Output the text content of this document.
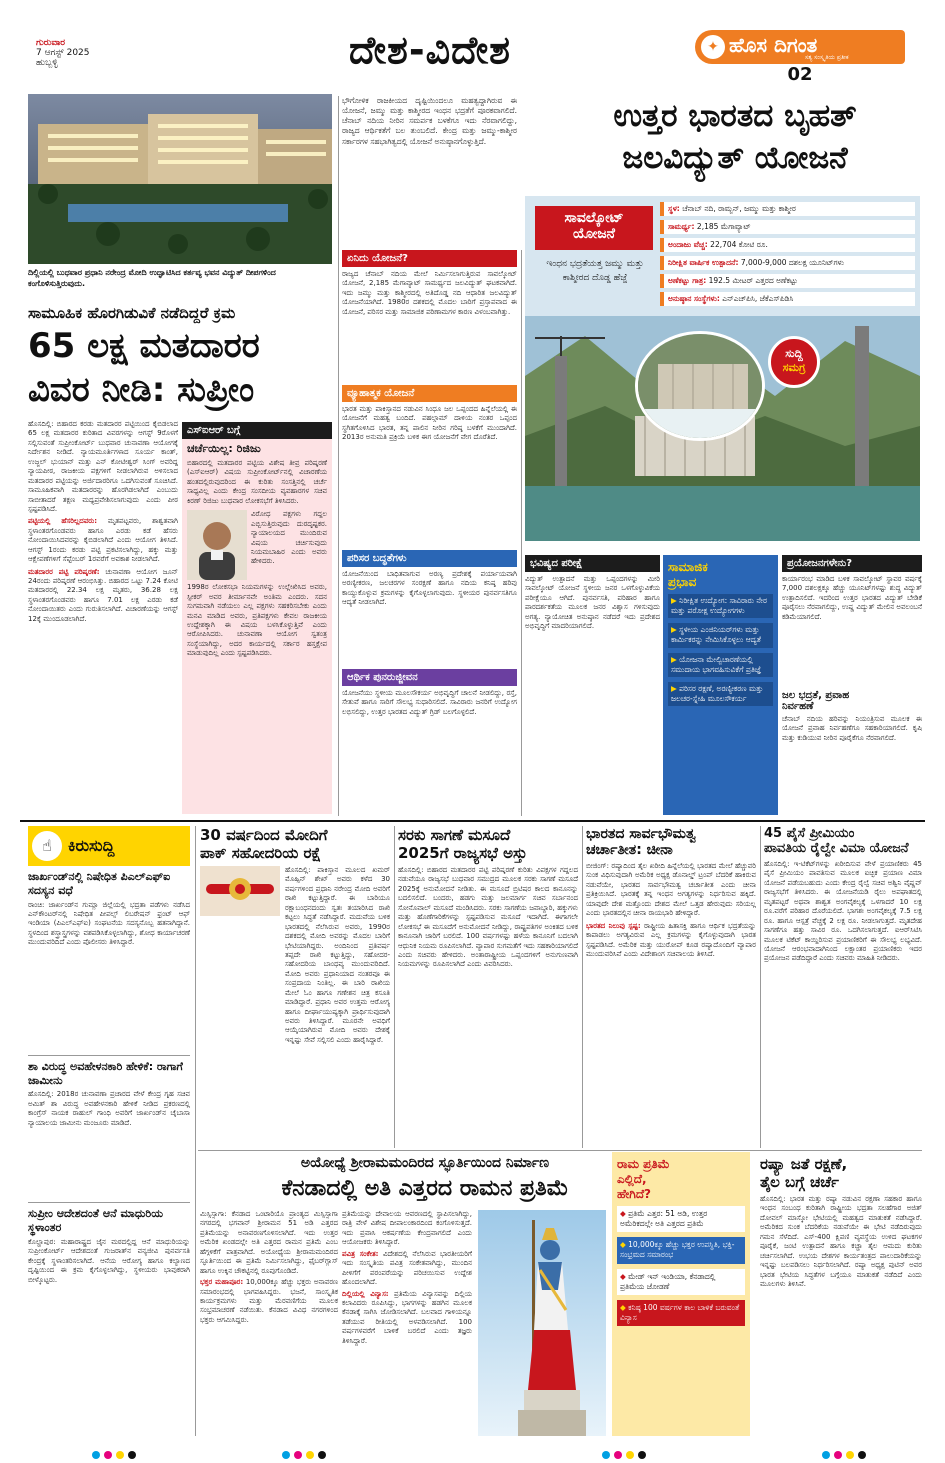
ಗುರುವಾರ
7 ಆಗಸ್ಟ್ 2025
ಹುಬ್ಬಳ್ಳಿ	ದೇಶ-ವಿದೇಶ	✦ ಹೊಸ ದಿಗಂತ
ಸತ್ಯ ಸಂಸ್ಕೃತಿಯ ಪ್ರತೀಕ
02
ದಿಲ್ಲಿಯಲ್ಲಿ ಬುಧವಾರ ಪ್ರಧಾನಿ ನರೇಂದ್ರ ಮೋದಿ ಉದ್ಘಾಟಿಸಿದ ಕರ್ತವ್ಯ ಭವನ ವಿದ್ಯುತ್ ದೀಪಗಳಿಂದ ಕಂಗೊಳಿಸುತ್ತಿರುವುದು.
ಸಾಮೂಹಿಕ ಹೊರಗಿಡುವಿಕೆ ನಡೆದಿದ್ದರೆ ಕ್ರಮ
65 ಲಕ್ಷ ಮತದಾರರ
ವಿವರ ನೀಡಿ: ಸುಪ್ರೀಂ

ಹೊಸದಿಲ್ಲಿ: ಬಿಹಾರದ ಕರಡು ಮತದಾರರ ಪಟ್ಟಿಯಿಂದ ಕೈಬಿಡಲಾದ 65 ಲಕ್ಷ ಮತದಾರರ ಕುರಿತಾದ ವಿವರಗಳನ್ನು ಆಗಸ್ಟ್ 9ರೊಳಗೆ ಸಲ್ಲಿಸುವಂತೆ ಸುಪ್ರೀಂಕೋರ್ಟ್ ಬುಧವಾರ ಚುನಾವಣಾ ಆಯೋಗಕ್ಕೆ ನಿರ್ದೇಶನ ನೀಡಿದೆ. ನ್ಯಾಯಮೂರ್ತಿಗಳಾದ ಸೂರ್ಯ ಕಾಂತ್, ಉಜ್ಜಲ್ ಭುಯಾನ್ ಮತ್ತು ಎನ್ ಕೋಟೀಶ್ವರ್ ಸಿಂಗ್ ಅವರಿದ್ದ ನ್ಯಾಯಪೀಠ, ರಾಜಕೀಯ ಪಕ್ಷಗಳಿಗೆ ನೀಡಲಾಗಿರುವ ಅಳಿಸಲಾದ ಮತದಾರರ ಪಟ್ಟಿಯನ್ನು ಅರ್ಜಿದಾರರಿಗೂ ಒದಗಿಸುವಂತೆ ಸೂಚಿಸಿದೆ. ಸಾಮೂಹಿಕವಾಗಿ ಮತದಾರರನ್ನು ಹೊರಗಿಡಲಾಗಿದೆ ಎಂಬುದು ಸಾಬೀತಾದರೆ ತಕ್ಷಣ ಮಧ್ಯಪ್ರವೇಶಿಸಲಾಗುವುದು ಎಂದು ಪೀಠ ಸ್ಪಷ್ಟಪಡಿಸಿದೆ.

ಪಟ್ಟಿಯಲ್ಲಿ ಹೆಸರಿಲ್ಲದವರು: ಮೃತಪಟ್ಟವರು, ಶಾಶ್ವತವಾಗಿ ಸ್ಥಳಾಂತರಗೊಂಡವರು ಹಾಗೂ ಎರಡು ಕಡೆ ಹೆಸರು ನೋಂದಾಯಿಸಿದವರನ್ನು ಕೈಬಿಡಲಾಗಿದೆ ಎಂದು ಆಯೋಗ ತಿಳಿಸಿದೆ. ಆಗಸ್ಟ್ 1ರಂದು ಕರಡು ಪಟ್ಟಿ ಪ್ರಕಟಿಸಲಾಗಿದ್ದು, ಹಕ್ಕು ಮತ್ತು ಆಕ್ಷೇಪಣೆಗಳಿಗೆ ಸೆಪ್ಟೆಂಬರ್ 1ರವರೆಗೆ ಅವಕಾಶ ನೀಡಲಾಗಿದೆ.

ಮತದಾರರ ಪಟ್ಟಿ ಪರಿಷ್ಕರಣೆ: ಚುನಾವಣಾ ಆಯೋಗ ಜೂನ್ 24ರಂದು ಪರಿಷ್ಕರಣೆ ಆರಂಭಿಸಿತ್ತು. ಬಿಹಾರದ ಒಟ್ಟು 7.24 ಕೋಟಿ ಮತದಾರರಲ್ಲಿ 22.34 ಲಕ್ಷ ಮೃತರು, 36.28 ಲಕ್ಷ ಸ್ಥಳಾಂತರಗೊಂಡವರು ಹಾಗೂ 7.01 ಲಕ್ಷ ಎರಡು ಕಡೆ ನೋಂದಾಯಿತರು ಎಂದು ಗುರುತಿಸಲಾಗಿದೆ. ವಿಚಾರಣೆಯನ್ನು ಆಗಸ್ಟ್ 12ಕ್ಕೆ ಮುಂದೂಡಲಾಗಿದೆ.

ಎಸ್‌ಐಆರ್ ಬಗ್ಗೆ
ಚರ್ಚೆಯಿಲ್ಲ: ರಿಜಿಜು
ಬಿಹಾರದಲ್ಲಿ ಮತದಾರರ ಪಟ್ಟಿಯ ವಿಶೇಷ ತೀವ್ರ ಪರಿಷ್ಕರಣೆ (ಎಸ್‌ಐಆರ್) ವಿಷಯ ಸುಪ್ರೀಂಕೋರ್ಟ್‌ನಲ್ಲಿ ವಿಚಾರಣೆಯ ಹಂತದಲ್ಲಿರುವುದರಿಂದ ಈ ಕುರಿತು ಸಂಸತ್ತಿನಲ್ಲಿ ಚರ್ಚೆ ಸಾಧ್ಯವಿಲ್ಲ ಎಂದು ಕೇಂದ್ರ ಸಂಸದೀಯ ವ್ಯವಹಾರಗಳ ಸಚಿವ ಕಿರಣ್ ರಿಜಿಜು ಬುಧವಾರ ಲೋಕಸಭೆಗೆ ತಿಳಿಸಿದರು.
ವಿರೋಧ ಪಕ್ಷಗಳು ಗದ್ದಲ ಎಬ್ಬಿಸುತ್ತಿರುವುದು ದುರದೃಷ್ಟಕರ. ನ್ಯಾಯಾಲಯದ ಮುಂದಿರುವ ವಿಷಯ ಚರ್ಚಿಸುವುದು ನಿಯಮಬಾಹಿರ ಎಂದು ಅವರು ಹೇಳಿದರು.
1998ರ ಲೋಕಸಭಾ ನಿಯಮಗಳನ್ನು ಉಲ್ಲೇಖಿಸಿದ ಅವರು, ಸ್ಪೀಕರ್ ಅವರ ತೀರ್ಮಾನವೇ ಅಂತಿಮ ಎಂದರು. ಸದನ ಸುಗಮವಾಗಿ ನಡೆಯಲು ಎಲ್ಲ ಪಕ್ಷಗಳು ಸಹಕರಿಸಬೇಕು ಎಂದು ಮನವಿ ಮಾಡಿದ ಅವರು, ಪ್ರತಿಪಕ್ಷಗಳು ಕೇವಲ ರಾಜಕೀಯ ಉದ್ದೇಶಕ್ಕಾಗಿ ಈ ವಿಷಯ ಬಳಸಿಕೊಳ್ಳುತ್ತಿವೆ ಎಂದು ಆರೋಪಿಸಿದರು. ಚುನಾವಣಾ ಆಯೋಗ ಸ್ವತಂತ್ರ ಸಂಸ್ಥೆಯಾಗಿದ್ದು, ಅದರ ಕಾರ್ಯದಲ್ಲಿ ಸರ್ಕಾರ ಹಸ್ತಕ್ಷೇಪ ಮಾಡುವುದಿಲ್ಲ ಎಂದು ಸ್ಪಷ್ಟಪಡಿಸಿದರು.
ಭೌಗೋಳಿಕ ರಾಜಕೀಯದ ದೃಷ್ಟಿಯಿಂದಲೂ ಮಹತ್ವದ್ದಾಗಿರುವ ಈ ಯೋಜನೆ, ಜಮ್ಮು ಮತ್ತು ಕಾಶ್ಮೀರದ ಇಂಧನ ಭದ್ರತೆಗೆ ಪೂರಕವಾಗಲಿದೆ. ಚೆನಾಬ್ ನದಿಯ ನೀರಿನ ಸಮರ್ಪಕ ಬಳಕೆಗೂ ಇದು ನೆರವಾಗಲಿದ್ದು, ರಾಜ್ಯದ ಆರ್ಥಿಕತೆಗೆ ಬಲ ತುಂಬಲಿದೆ. ಕೇಂದ್ರ ಮತ್ತು ಜಮ್ಮು-ಕಾಶ್ಮೀರ ಸರ್ಕಾರಗಳ ಸಹಭಾಗಿತ್ವದಲ್ಲಿ ಯೋಜನೆ ಅನುಷ್ಠಾನಗೊಳ್ಳುತ್ತಿದೆ.
ಉತ್ತರ ಭಾರತದ ಬೃಹತ್
ಜಲವಿದ್ಯುತ್ ಯೋಜನೆ
ಸಾವಲ್ಕೋಟ್
ಯೋಜನೆ
ಇಂಧನ ಭದ್ರತೆಯತ್ತ ಜಮ್ಮು ಮತ್ತು ಕಾಶ್ಮೀರದ ದೊಡ್ಡ ಹೆಜ್ಜೆ
ಸ್ಥಳ: ಚೆನಾಬ್ ನದಿ, ರಾಮ್ಬನ್, ಜಮ್ಮು ಮತ್ತು ಕಾಶ್ಮೀರ
ಸಾಮರ್ಥ್ಯ: 2,185 ಮೆಗಾವ್ಯಾಟ್
ಅಂದಾಜು ವೆಚ್ಚ: 22,704 ಕೋಟಿ ರೂ.
ನಿರೀಕ್ಷಿತ ವಾರ್ಷಿಕ ಉತ್ಪಾದನೆ: 7,000-9,000 ದಶಲಕ್ಷ ಯೂನಿಟ್‌ಗಳು
ಅಣೆಕಟ್ಟು ಗಾತ್ರ: 192.5 ಮೀಟರ್ ಎತ್ತರದ ಅಣೆಕಟ್ಟು
ಅನುಷ್ಠಾನ ಸಂಸ್ಥೆಗಳು: ಎನ್‌ಎಚ್‌ಪಿಸಿ, ಜೆಕೆಎಸ್‌ಪಿಡಿಸಿ
ಸುದ್ದಿ
ಸಮಗ್ರ
ಏನಿದು ಯೋಜನೆ?
ರಾಜ್ಯದ ಚೆನಾಬ್ ನದಿಯ ಮೇಲೆ ನಿರ್ಮಿಸಲಾಗುತ್ತಿರುವ ಸಾವಲ್ಕೋಟ್ ಯೋಜನೆ, 2,185 ಮೆಗಾವ್ಯಾಟ್ ಸಾಮರ್ಥ್ಯದ ಜಲವಿದ್ಯುತ್ ಘಟಕವಾಗಿದೆ. ಇದು ಜಮ್ಮು ಮತ್ತು ಕಾಶ್ಮೀರದಲ್ಲಿ ಅತಿದೊಡ್ಡ ನದಿ ಆಧಾರಿತ ಜಲವಿದ್ಯುತ್ ಯೋಜನೆಯಾಗಿದೆ. 1980ರ ದಶಕದಲ್ಲಿ ಮೊದಲ ಬಾರಿಗೆ ಪ್ರಸ್ತಾಪವಾದ ಈ ಯೋಜನೆ, ಪರಿಸರ ಮತ್ತು ಸಾಮಾಜಿಕ ಪರಿಣಾಮಗಳ ಕಾರಣ ವಿಳಂಬವಾಗಿತ್ತು.
ವ್ಯೂಹಾತ್ಮಕ ಯೋಜನೆ
ಭಾರತ ಮತ್ತು ಪಾಕಿಸ್ತಾನದ ನಡುವಿನ ಸಿಂಧೂ ಜಲ ಒಪ್ಪಂದದ ಹಿನ್ನೆಲೆಯಲ್ಲಿ ಈ ಯೋಜನೆಗೆ ಮಹತ್ವ ಬಂದಿದೆ. ಪಹಲ್ಗಾಮ್ ದಾಳಿಯ ನಂತರ ಒಪ್ಪಂದ ಸ್ಥಗಿತಗೊಳಿಸಿದ ಭಾರತ, ತನ್ನ ಪಾಲಿನ ನೀರಿನ ಗರಿಷ್ಠ ಬಳಕೆಗೆ ಮುಂದಾಗಿದೆ. 2013ರ ಅನುಮತಿ ಪ್ರಕ್ರಿಯೆ ಬಳಿಕ ಈಗ ಯೋಜನೆಗೆ ವೇಗ ದೊರೆತಿದೆ.
ಪರಿಸರ ಬದ್ಧತೆಗಳು
ಯೋಜನೆಯಿಂದ ಬಾಧಿತವಾಗುವ ಅರಣ್ಯ ಪ್ರದೇಶಕ್ಕೆ ಪರ್ಯಾಯವಾಗಿ ಅರಣ್ಯೀಕರಣ, ಜಲಚರಗಳ ಸಂರಕ್ಷಣೆ ಹಾಗೂ ನದಿಯ ಕನಿಷ್ಠ ಹರಿವು ಕಾಯ್ದುಕೊಳ್ಳುವ ಕ್ರಮಗಳನ್ನು ಕೈಗೊಳ್ಳಲಾಗುವುದು. ಸ್ಥಳೀಯರ ಪುನರ್ವಸತಿಗೂ ಆದ್ಯತೆ ನೀಡಲಾಗಿದೆ.
ಆರ್ಥಿಕ ಪುನರುಜ್ಜೀವನ
ಯೋಜನೆಯು ಸ್ಥಳೀಯ ಮೂಲಸೌಕರ್ಯ ಅಭಿವೃದ್ಧಿಗೆ ಚಾಲನೆ ನೀಡಲಿದ್ದು, ರಸ್ತೆ, ಸೇತುವೆ ಹಾಗೂ ಸಾರಿಗೆ ಸೌಲಭ್ಯ ಸುಧಾರಿಸಲಿದೆ. ಸಾವಿರಾರು ಜನರಿಗೆ ಉದ್ಯೋಗ ಲಭಿಸಲಿದ್ದು, ಉತ್ತರ ಭಾರತದ ವಿದ್ಯುತ್ ಗ್ರಿಡ್ ಬಲಗೊಳ್ಳಲಿದೆ.
ಭವಿಷ್ಯದ ಪರೀಕ್ಷೆ
ವಿದ್ಯುತ್ ಉತ್ಪಾದನೆ ಮತ್ತು ಒಪ್ಪಂದಗಳನ್ನು ಮೀರಿ ಸಾವಲ್ಕೋಟ್ ಯೋಜನೆ ಸ್ಥಳೀಯ ಜನರ ಒಳಗೊಳ್ಳುವಿಕೆಯ ಪರೀಕ್ಷೆಯೂ ಆಗಿದೆ. ಪುನರ್ವಸತಿ, ಪರಿಹಾರ ಹಾಗೂ ಪಾರದರ್ಶಕತೆಯ ಮೂಲಕ ಜನರ ವಿಶ್ವಾಸ ಗಳಿಸುವುದು ಅಗತ್ಯ. ನ್ಯಾಯೋಚಿತ ಅನುಷ್ಠಾನ ನಡೆದರೆ ಇದು ಪ್ರದೇಶದ ಅಭಿವೃದ್ಧಿಗೆ ಮಾದರಿಯಾಗಲಿದೆ.
ಸಾಮಾಜಿಕ
ಪ್ರಭಾವ
▶ ನಿರೀಕ್ಷಿತ ಉದ್ಯೋಗ: ಸಾವಿರಾರು ನೇರ ಮತ್ತು ಪರೋಕ್ಷ ಉದ್ಯೋಗಗಳು
▶ ಸ್ಥಳೀಯ ಎಂಜಿನಿಯರ್‌ಗಳು ಮತ್ತು ಕಾರ್ಮಿಕರನ್ನು ನೇಮಿಸಿಕೊಳ್ಳಲು ಆದ್ಯತೆ
▶ ಯೋಜನಾ ಮೇಲ್ವಿಚಾರಣೆಯಲ್ಲಿ ಸಮುದಾಯ ಭಾಗವಹಿಸುವಿಕೆಗೆ ಪ್ರತಿಜ್ಞೆ
▶ ಪರಿಸರ ರಕ್ಷಣೆ, ಅರಣ್ಯೀಕರಣ ಮತ್ತು ಜಲಚರ-ಸ್ನೇಹಿ ಮೂಲಸೌಕರ್ಯ
ಪ್ರಯೋಜನಗಳೇನು?
ಕಾರ್ಯಾರಂಭ ಮಾಡಿದ ಬಳಿಕ ಸಾವಲ್ಕೋಟ್ ಸ್ಥಾವರ ವರ್ಷಕ್ಕೆ 7,000 ದಶಲಕ್ಷಕ್ಕೂ ಹೆಚ್ಚು ಯೂನಿಟ್‌ಗಳಷ್ಟು ಶುದ್ಧ ವಿದ್ಯುತ್ ಉತ್ಪಾದಿಸಲಿದೆ. ಇದರಿಂದ ಉತ್ತರ ಭಾರತದ ವಿದ್ಯುತ್ ಬೇಡಿಕೆ ಪೂರೈಸಲು ನೆರವಾಗಲಿದ್ದು, ಉಷ್ಣ ವಿದ್ಯುತ್ ಮೇಲಿನ ಅವಲಂಬನೆ ಕಡಿಮೆಯಾಗಲಿದೆ.
ಜಲ ಭದ್ರತೆ, ಪ್ರವಾಹ
ನಿರ್ವಹಣೆ
ಚೆನಾಬ್ ನದಿಯ ಹರಿವನ್ನು ನಿಯಂತ್ರಿಸುವ ಮೂಲಕ ಈ ಯೋಜನೆ ಪ್ರವಾಹ ನಿರ್ವಹಣೆಗೂ ಸಹಕಾರಿಯಾಗಲಿದೆ. ಕೃಷಿ ಮತ್ತು ಕುಡಿಯುವ ನೀರಿನ ಪೂರೈಕೆಗೂ ನೆರವಾಗಲಿದೆ.
☝	ಕಿರುಸುದ್ದಿ
ಜಾರ್ಖಂಡ್‌ನಲ್ಲಿ ನಿಷೇಧಿತ ಪಿಎಲ್‌ಎಫ್‌ಐ ಸದಸ್ಯನ ವಧೆ
ರಾಂಚಿ: ಜಾರ್ಖಂಡ್‌ನ ಗುಮ್ಲಾ ಜಿಲ್ಲೆಯಲ್ಲಿ ಭದ್ರತಾ ಪಡೆಗಳು ನಡೆಸಿದ ಎನ್‌ಕೌಂಟರ್‌ನಲ್ಲಿ ನಿಷೇಧಿತ ಪೀಪಲ್ಸ್ ಲಿಬರೇಷನ್ ಫ್ರಂಟ್ ಆಫ್ ಇಂಡಿಯಾ (ಪಿಎಲ್‌ಎಫ್‌ಐ) ಸಂಘಟನೆಯ ಸದಸ್ಯನೊಬ್ಬ ಹತನಾಗಿದ್ದಾನೆ. ಸ್ಥಳದಿಂದ ಶಸ್ತ್ರಾಸ್ತ್ರಗಳನ್ನು ವಶಪಡಿಸಿಕೊಳ್ಳಲಾಗಿದ್ದು, ಶೋಧ ಕಾರ್ಯಾಚರಣೆ ಮುಂದುವರಿದಿದೆ ಎಂದು ಪೊಲೀಸರು ತಿಳಿಸಿದ್ದಾರೆ.
ಶಾ ವಿರುದ್ಧ ಅವಹೇಳನಕಾರಿ ಹೇಳಿಕೆ: ರಾಗಾಗೆ ಜಾಮೀನು
ಹೊಸದಿಲ್ಲಿ: 2018ರ ಚುನಾವಣಾ ಪ್ರಚಾರದ ವೇಳೆ ಕೇಂದ್ರ ಗೃಹ ಸಚಿವ ಅಮಿತ್ ಶಾ ವಿರುದ್ಧ ಅವಹೇಳನಕಾರಿ ಹೇಳಿಕೆ ನೀಡಿದ ಪ್ರಕರಣದಲ್ಲಿ ಕಾಂಗ್ರೆಸ್ ನಾಯಕ ರಾಹುಲ್ ಗಾಂಧಿ ಅವರಿಗೆ ಜಾರ್ಖಂಡ್‌ನ ಚೈಬಾಸಾ ನ್ಯಾಯಾಲಯ ಜಾಮೀನು ಮಂಜೂರು ಮಾಡಿದೆ.
ಸುಪ್ರೀಂ ಆದೇಶದಂತೆ ಆನೆ ಮಾಧುರಿಯ ಸ್ಥಳಾಂತರ
ಕೊಲ್ಹಾಪುರ: ಮಹಾರಾಷ್ಟ್ರದ ಜೈನ ಮಠದಲ್ಲಿದ್ದ ಆನೆ ಮಾಧುರಿಯನ್ನು ಸುಪ್ರೀಂಕೋರ್ಟ್ ಆದೇಶದಂತೆ ಗುಜರಾತ್‌ನ ವನ್ಯಜೀವಿ ಪುನರ್ವಸತಿ ಕೇಂದ್ರಕ್ಕೆ ಸ್ಥಳಾಂತರಿಸಲಾಗಿದೆ. ಆನೆಯ ಆರೋಗ್ಯ ಹಾಗೂ ಕಲ್ಯಾಣದ ದೃಷ್ಟಿಯಿಂದ ಈ ಕ್ರಮ ಕೈಗೊಳ್ಳಲಾಗಿದ್ದು, ಸ್ಥಳೀಯರು ಭಾವುಕರಾಗಿ ಬೀಳ್ಕೊಟ್ಟರು.
30 ವರ್ಷದಿಂದ ಮೋದಿಗೆ
ಪಾಕ್ ಸಹೋದರಿಯ ರಕ್ಷೆ
ಹೊಸದಿಲ್ಲಿ: ಪಾಕಿಸ್ತಾನ ಮೂಲದ ಖಮರ್ ಮೊಹ್ಸಿನ್ ಶೇಖ್ ಅವರು ಕಳೆದ 30 ವರ್ಷಗಳಿಂದ ಪ್ರಧಾನಿ ನರೇಂದ್ರ ಮೋದಿ ಅವರಿಗೆ ರಾಖಿ ಕಟ್ಟುತ್ತಿದ್ದಾರೆ. ಈ ಬಾರಿಯೂ ರಕ್ಷಾಬಂಧನದಂದು ಸ್ವತಃ ತಯಾರಿಸಿದ ರಾಖಿ ಕಟ್ಟಲು ಸಿದ್ಧತೆ ನಡೆಸಿದ್ದಾರೆ. ಮದುವೆಯ ಬಳಿಕ ಭಾರತದಲ್ಲಿ ನೆಲೆಸಿರುವ ಅವರು, 1990ರ ದಶಕದಲ್ಲಿ ಮೋದಿ ಅವರನ್ನು ಮೊದಲ ಬಾರಿಗೆ ಭೇಟಿಯಾಗಿದ್ದರು. ಅಂದಿನಿಂದ ಪ್ರತಿವರ್ಷ ತಪ್ಪದೇ ರಾಖಿ ಕಟ್ಟುತ್ತಿದ್ದು, ಸಹೋದರ-ಸಹೋದರಿಯ ಬಾಂಧವ್ಯ ಮುಂದುವರಿದಿದೆ. ಮೋದಿ ಅವರು ಪ್ರಧಾನಿಯಾದ ನಂತರವೂ ಈ ಸಂಪ್ರದಾಯ ನಿಂತಿಲ್ಲ. ಈ ಬಾರಿ ರಾಖಿಯ ಮೇಲೆ ಓಂ ಹಾಗೂ ಗಣೇಶನ ಚಿತ್ರ ಕಸೂತಿ ಮಾಡಿದ್ದಾರೆ. ಪ್ರಧಾನಿ ಅವರ ಉತ್ತಮ ಆರೋಗ್ಯ ಹಾಗೂ ದೀರ್ಘಾಯುಷ್ಯಕ್ಕಾಗಿ ಪ್ರಾರ್ಥಿಸುವುದಾಗಿ ಅವರು ತಿಳಿಸಿದ್ದಾರೆ. ಮೂರನೇ ಅವಧಿಗೆ ಆಯ್ಕೆಯಾಗಿರುವ ಮೋದಿ ಅವರು ದೇಶಕ್ಕೆ ಇನ್ನಷ್ಟು ಸೇವೆ ಸಲ್ಲಿಸಲಿ ಎಂದು ಹಾರೈಸಿದ್ದಾರೆ.
ಸರಕು ಸಾಗಣೆ ಮಸೂದೆ
2025ಗೆ ರಾಜ್ಯಸಭೆ ಅಸ್ತು
ಹೊಸದಿಲ್ಲಿ: ಬಿಹಾರದ ಮತದಾರರ ಪಟ್ಟಿ ಪರಿಷ್ಕರಣೆ ಕುರಿತು ವಿಪಕ್ಷಗಳ ಗದ್ದಲದ ನಡುವೆಯೂ ರಾಜ್ಯಸಭೆ ಬುಧವಾರ ಸಮುದ್ರದ ಮೂಲಕ ಸರಕು ಸಾಗಣೆ ಮಸೂದೆ 2025ಕ್ಕೆ ಅನುಮೋದನೆ ನೀಡಿತು. ಈ ಮಸೂದೆ ಬ್ರಿಟಿಷರ ಕಾಲದ ಕಾನೂನನ್ನು ಬದಲಿಸಲಿದೆ. ಬಂದರು, ಹಡಗು ಮತ್ತು ಜಲಮಾರ್ಗ ಸಚಿವ ಸರ್ಬಾನಂದ ಸೋನೊವಾಲ್ ಮಸೂದೆ ಮಂಡಿಸಿದರು. ಸರಕು ಸಾಗಣೆಯ ಜವಾಬ್ದಾರಿ, ಹಕ್ಕುಗಳು ಮತ್ತು ಹೊಣೆಗಾರಿಕೆಗಳನ್ನು ಸ್ಪಷ್ಟಪಡಿಸುವ ಮಸೂದೆ ಇದಾಗಿದೆ. ಈಗಾಗಲೇ ಲೋಕಸಭೆ ಈ ಮಸೂದೆಗೆ ಅನುಮೋದನೆ ನೀಡಿದ್ದು, ರಾಷ್ಟ್ರಪತಿಗಳ ಅಂಕಿತದ ಬಳಿಕ ಕಾನೂನಾಗಿ ಜಾರಿಗೆ ಬರಲಿದೆ. 100 ವರ್ಷಗಳಷ್ಟು ಹಳೆಯ ಕಾನೂನಿಗೆ ಬದಲಾಗಿ ಆಧುನಿಕ ನಿಯಮ ರೂಪಿಸಲಾಗಿದೆ. ವ್ಯಾಪಾರ ಸುಗಮತೆಗೆ ಇದು ಸಹಕಾರಿಯಾಗಲಿದೆ ಎಂದು ಸಚಿವರು ಹೇಳಿದರು. ಅಂತಾರಾಷ್ಟ್ರೀಯ ಒಪ್ಪಂದಗಳಿಗೆ ಅನುಗುಣವಾಗಿ ನಿಯಮಗಳನ್ನು ರೂಪಿಸಲಾಗಿದೆ ಎಂದು ವಿವರಿಸಿದರು.
ಭಾರತದ ಸಾರ್ವಭೌಮತ್ವ
ಚರ್ಚಾತೀತ: ಚೀನಾ
ಬೀಜಿಂಗ್: ರಷ್ಯಾದಿಂದ ತೈಲ ಖರೀದಿ ಹಿನ್ನೆಲೆಯಲ್ಲಿ ಭಾರತದ ಮೇಲೆ ಹೆಚ್ಚುವರಿ ಸುಂಕ ವಿಧಿಸುವುದಾಗಿ ಅಮೆರಿಕ ಅಧ್ಯಕ್ಷ ಡೊನಾಲ್ಡ್ ಟ್ರಂಪ್ ಬೆದರಿಕೆ ಹಾಕಿರುವ ನಡುವೆಯೇ, ಭಾರತದ ಸಾರ್ವಭೌಮತ್ವ ಚರ್ಚಾತೀತ ಎಂದು ಚೀನಾ ಪ್ರತಿಕ್ರಿಯಿಸಿದೆ. ಭಾರತಕ್ಕೆ ತನ್ನ ಇಂಧನ ಅಗತ್ಯಗಳನ್ನು ನಿರ್ಧರಿಸುವ ಹಕ್ಕಿದೆ. ಯಾವುದೇ ದೇಶ ಮತ್ತೊಂದು ದೇಶದ ಮೇಲೆ ಒತ್ತಡ ಹೇರುವುದು ಸರಿಯಲ್ಲ ಎಂದು ಭಾರತದಲ್ಲಿನ ಚೀನಾ ರಾಯಭಾರಿ ಹೇಳಿದ್ದಾರೆ.
ಭಾರತದ ನಿಲುವು ಸ್ಪಷ್ಟ: ರಾಷ್ಟ್ರೀಯ ಹಿತಾಸಕ್ತಿ ಹಾಗೂ ಆರ್ಥಿಕ ಭದ್ರತೆಯನ್ನು ಕಾಪಾಡಲು ಅಗತ್ಯವಿರುವ ಎಲ್ಲ ಕ್ರಮಗಳನ್ನು ಕೈಗೊಳ್ಳುವುದಾಗಿ ಭಾರತ ಸ್ಪಷ್ಟಪಡಿಸಿದೆ. ಅಮೆರಿಕ ಮತ್ತು ಯುರೋಪ್ ಕೂಡ ರಷ್ಯಾದೊಂದಿಗೆ ವ್ಯಾಪಾರ ಮುಂದುವರಿಸಿವೆ ಎಂದು ವಿದೇಶಾಂಗ ಸಚಿವಾಲಯ ತಿಳಿಸಿದೆ.
45 ಪೈಸೆ ಪ್ರೀಮಿಯಂ
ಪಾವತಿಯ ರೈಲ್ವೇ ವಿಮಾ ಯೋಜನೆ
ಹೊಸದಿಲ್ಲಿ: ಇ-ಟಿಕೆಟ್‌ಗಳನ್ನು ಖರೀದಿಸುವ ವೇಳೆ ಪ್ರಯಾಣಿಕರು 45 ಪೈಸೆ ಪ್ರೀಮಿಯಂ ಪಾವತಿಸುವ ಮೂಲಕ ಐಚ್ಛಿಕ ಪ್ರಯಾಣ ವಿಮಾ ಯೋಜನೆ ಪಡೆಯಬಹುದು ಎಂದು ಕೇಂದ್ರ ರೈಲ್ವೆ ಸಚಿವ ಅಶ್ವಿನಿ ವೈಷ್ಣವ್ ರಾಜ್ಯಸಭೆಗೆ ತಿಳಿಸಿದರು. ಈ ಯೋಜನೆಯಡಿ ರೈಲು ಅಪಘಾತದಲ್ಲಿ ಮೃತಪಟ್ಟರೆ ಅಥವಾ ಶಾಶ್ವತ ಅಂಗವೈಕಲ್ಯಕ್ಕೆ ಒಳಗಾದರೆ 10 ಲಕ್ಷ ರೂ.ವರೆಗೆ ಪರಿಹಾರ ದೊರೆಯಲಿದೆ. ಭಾಗಶಃ ಅಂಗವೈಕಲ್ಯಕ್ಕೆ 7.5 ಲಕ್ಷ ರೂ. ಹಾಗೂ ಆಸ್ಪತ್ರೆ ವೆಚ್ಚಕ್ಕೆ 2 ಲಕ್ಷ ರೂ. ನೀಡಲಾಗುತ್ತದೆ. ಮೃತದೇಹ ಸಾಗಣೆಗೂ ಹತ್ತು ಸಾವಿರ ರೂ. ಒದಗಿಸಲಾಗುತ್ತದೆ. ಐಆರ್‌ಸಿಟಿಸಿ ಮೂಲಕ ಟಿಕೆಟ್ ಕಾಯ್ದಿರಿಸುವ ಪ್ರಯಾಣಿಕರಿಗೆ ಈ ಸೌಲಭ್ಯ ಲಭ್ಯವಿದೆ. ಯೋಜನೆ ಆರಂಭವಾದಾಗಿನಿಂದ ಲಕ್ಷಾಂತರ ಪ್ರಯಾಣಿಕರು ಇದರ ಪ್ರಯೋಜನ ಪಡೆದಿದ್ದಾರೆ ಎಂದು ಸಚಿವರು ಮಾಹಿತಿ ನೀಡಿದರು.
ಅಯೋಧ್ಯೆ ಶ್ರೀರಾಮಮಂದಿರದ ಸ್ಫೂರ್ತಿಯಿಂದ ನಿರ್ಮಾಣ
ಕೆನಡಾದಲ್ಲಿ ಅತಿ ಎತ್ತರದ ರಾಮನ ಪ್ರತಿಮೆ

ಮಿಸ್ಸಿಸ್ಸಾಗಾ: ಕೆನಡಾದ ಒಂಟಾರಿಯೊ ಪ್ರಾಂತ್ಯದ ಮಿಸ್ಸಿಸ್ಸಾಗಾ ನಗರದಲ್ಲಿ ಭಗವಾನ್ ಶ್ರೀರಾಮನ 51 ಅಡಿ ಎತ್ತರದ ಪ್ರತಿಮೆಯನ್ನು ಅನಾವರಣಗೊಳಿಸಲಾಗಿದೆ. ಇದು ಉತ್ತರ ಅಮೆರಿಕ ಖಂಡದಲ್ಲೇ ಅತಿ ಎತ್ತರದ ರಾಮನ ಪ್ರತಿಮೆ ಎಂಬ ಹೆಗ್ಗಳಿಕೆಗೆ ಪಾತ್ರವಾಗಿದೆ. ಅಯೋಧ್ಯೆಯ ಶ್ರೀರಾಮಮಂದಿರದ ಸ್ಫೂರ್ತಿಯಿಂದ ಈ ಪ್ರತಿಮೆ ನಿರ್ಮಿಸಲಾಗಿದ್ದು, ಫೈಬರ್‌ಗ್ಲಾಸ್ ಹಾಗೂ ಉಕ್ಕಿನ ಚೌಕಟ್ಟಿನಲ್ಲಿ ರೂಪುಗೊಂಡಿದೆ.

ಭಕ್ತರ ಮಹಾಪೂರ: 10,000ಕ್ಕೂ ಹೆಚ್ಚು ಭಕ್ತರು ಅನಾವರಣ ಸಮಾರಂಭದಲ್ಲಿ ಭಾಗವಹಿಸಿದ್ದರು. ಭಜನೆ, ಸಾಂಸ್ಕೃತಿಕ ಕಾರ್ಯಕ್ರಮಗಳು ಮತ್ತು ಮೆರವಣಿಗೆಯ ಮೂಲಕ ಸಂಭ್ರಮಾಚರಣೆ ನಡೆಯಿತು. ಕೆನಡಾದ ವಿವಿಧ ನಗರಗಳಿಂದ ಭಕ್ತರು ಆಗಮಿಸಿದ್ದರು.

ಪ್ರತಿಮೆಯನ್ನು ದೇವಾಲಯ ಆವರಣದಲ್ಲಿ ಸ್ಥಾಪಿಸಲಾಗಿದ್ದು, ರಾತ್ರಿ ವೇಳೆ ವಿಶೇಷ ದೀಪಾಲಂಕಾರದಿಂದ ಕಂಗೊಳಿಸುತ್ತದೆ. ಇದು ಪ್ರವಾಸಿ ಆಕರ್ಷಣೆಯ ಕೇಂದ್ರವಾಗಲಿದೆ ಎಂದು ಆಯೋಜಕರು ತಿಳಿಸಿದ್ದಾರೆ.

ಪವಿತ್ರ ಸಂಕೇತ: ವಿದೇಶದಲ್ಲಿ ನೆಲೆಸಿರುವ ಭಾರತೀಯರಿಗೆ ಇದು ಸಂಸ್ಕೃತಿಯ ಪವಿತ್ರ ಸಂಕೇತವಾಗಿದ್ದು, ಮುಂದಿನ ಪೀಳಿಗೆಗೆ ಪರಂಪರೆಯನ್ನು ಪರಿಚಯಿಸುವ ಉದ್ದೇಶ ಹೊಂದಲಾಗಿದೆ.

ದಿಲ್ಲಿಯಲ್ಲಿ ವಿನ್ಯಾಸ: ಪ್ರತಿಮೆಯ ವಿನ್ಯಾಸವನ್ನು ದಿಲ್ಲಿಯ ಕಲಾವಿದರು ರೂಪಿಸಿದ್ದು, ಭಾಗಗಳನ್ನು ಹಡಗಿನ ಮೂಲಕ ಕೆನಡಾಕ್ಕೆ ಸಾಗಿಸಿ ಜೋಡಿಸಲಾಗಿದೆ. ಬಲವಾದ ಗಾಳಿಯನ್ನೂ ತಡೆಯುವ ರೀತಿಯಲ್ಲಿ ಅಳವಡಿಸಲಾಗಿದೆ. 100 ವರ್ಷಗಳವರೆಗೆ ಬಾಳಿಕೆ ಬರಲಿದೆ ಎಂದು ತಜ್ಞರು ತಿಳಿಸಿದ್ದಾರೆ.

ರಾಮ ಪ್ರತಿಮೆ
ಎಲ್ಲಿದೆ,
ಹೇಗಿದೆ?
◆ ಪ್ರತಿಮೆ ಎತ್ತರ: 51 ಅಡಿ, ಉತ್ತರ ಅಮೆರಿಕದಲ್ಲೇ ಅತಿ ಎತ್ತರದ ಪ್ರತಿಮೆ
◆ 10,000ಕ್ಕೂ ಹೆಚ್ಚು ಭಕ್ತರ ಉಪಸ್ಥಿತಿ, ಭಕ್ತಿ-ಸಂಭ್ರಮದ ಸಮಾರಂಭ
◆ ಮೇಡ್ ಇನ್ ಇಂಡಿಯಾ, ಕೆನಡಾದಲ್ಲಿ ಪ್ರತಿಮೆಯ ಜೋಡಣೆ
◆ ಕನಿಷ್ಠ 100 ವರ್ಷಗಳ ಕಾಲ ಬಾಳಿಕೆ ಬರುವಂತೆ ವಿನ್ಯಾಸ
ರಷ್ಯಾ ಜತೆ ರಕ್ಷಣೆ,
ತೈಲ ಬಗ್ಗೆ ಚರ್ಚೆ
ಹೊಸದಿಲ್ಲಿ: ಭಾರತ ಮತ್ತು ರಷ್ಯಾ ನಡುವಿನ ರಕ್ಷಣಾ ಸಹಕಾರ ಹಾಗೂ ಇಂಧನ ಸಂಬಂಧ ಕುರಿತಾಗಿ ರಾಷ್ಟ್ರೀಯ ಭದ್ರತಾ ಸಲಹೆಗಾರ ಅಜಿತ್ ದೋವಲ್ ಮಾಸ್ಕೋ ಭೇಟಿಯಲ್ಲಿ ಮಹತ್ವದ ಮಾತುಕತೆ ನಡೆಸಿದ್ದಾರೆ. ಅಮೆರಿಕದ ಸುಂಕ ಬೆದರಿಕೆಯ ನಡುವೆಯೇ ಈ ಭೇಟಿ ನಡೆದಿರುವುದು ಗಮನ ಸೆಳೆದಿದೆ. ಎಸ್-400 ಕ್ಷಿಪಣಿ ವ್ಯವಸ್ಥೆಯ ಉಳಿದ ಘಟಕಗಳ ಪೂರೈಕೆ, ಜಂಟಿ ಉತ್ಪಾದನೆ ಹಾಗೂ ಕಚ್ಚಾ ತೈಲ ಆಮದು ಕುರಿತು ಚರ್ಚಿಸಲಾಗಿದೆ. ಉಭಯ ದೇಶಗಳ ಕಾರ್ಯತಂತ್ರದ ಪಾಲುದಾರಿಕೆಯನ್ನು ಇನ್ನಷ್ಟು ಬಲಪಡಿಸಲು ನಿರ್ಧರಿಸಲಾಗಿದೆ. ರಷ್ಯಾ ಅಧ್ಯಕ್ಷ ಪುಟಿನ್ ಅವರ ಭಾರತ ಭೇಟಿಯ ಸಿದ್ಧತೆಗಳ ಬಗ್ಗೆಯೂ ಮಾತುಕತೆ ನಡೆದಿದೆ ಎಂದು ಮೂಲಗಳು ತಿಳಿಸಿವೆ.
